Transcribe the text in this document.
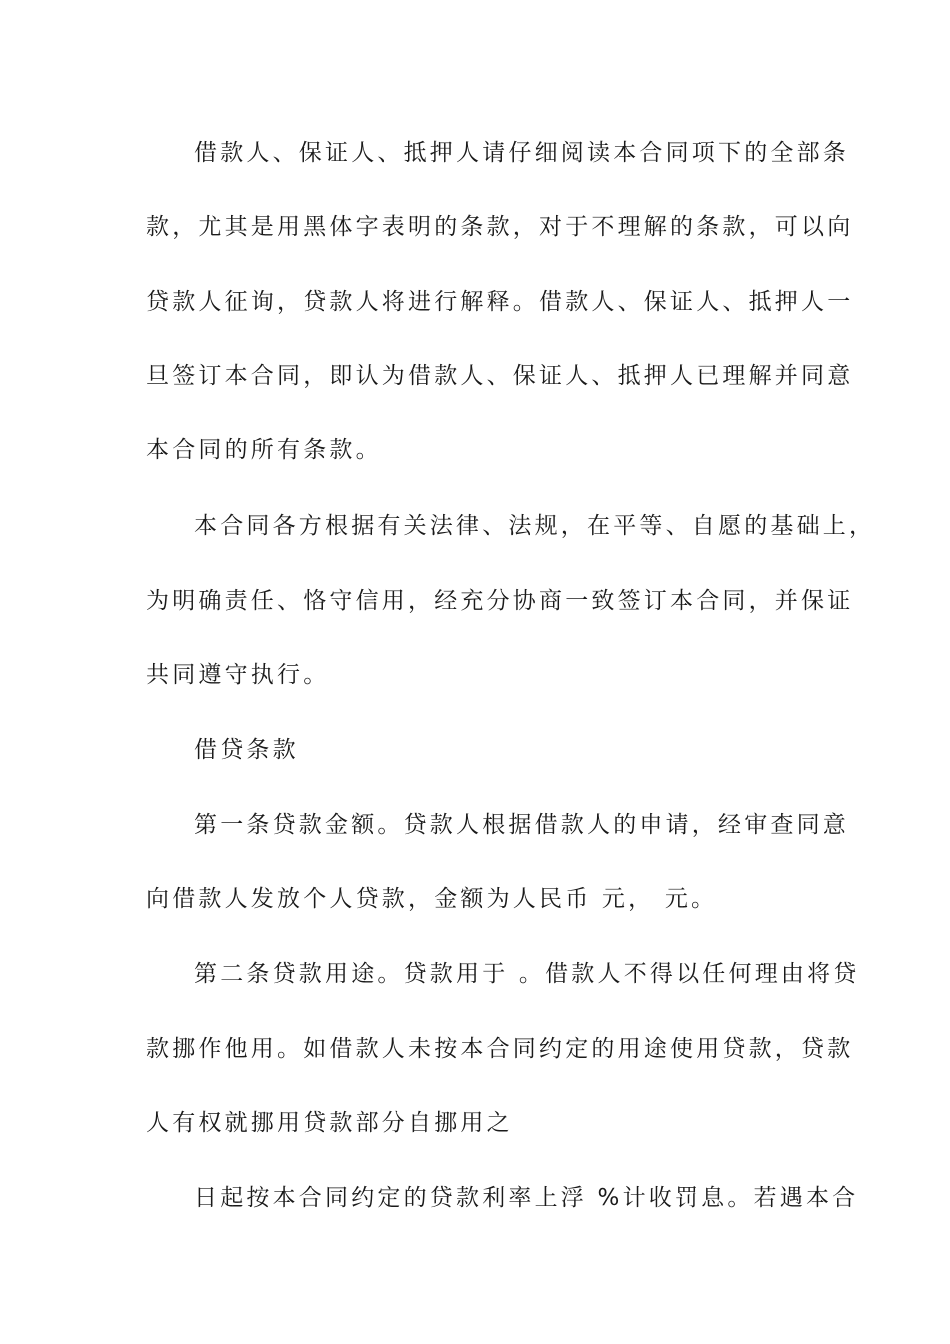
借款人、保证人、抵押人请仔细阅读本合同项下的全部条
款，尤其是用黑体字表明的条款，对于不理解的条款，可以向
贷款人征询，贷款人将进行解释。借款人、保证人、抵押人一
旦签订本合同，即认为借款人、保证人、抵押人已理解并同意
本合同的所有条款。
本合同各方根据有关法律、法规，在平等、自愿的基础上，
为明确责任、恪守信用，经充分协商一致签订本合同，并保证
共同遵守执行。
借贷条款
第一条贷款金额。贷款人根据借款人的申请，经审查同意
向借款人发放个人贷款，金额为人民币 元， 元。
第二条贷款用途。贷款用于 。借款人不得以任何理由将贷
款挪作他用。如借款人未按本合同约定的用途使用贷款，贷款
人有权就挪用贷款部分自挪用之
日起按本合同约定的贷款利率上浮 %计收罚息。若遇本合
